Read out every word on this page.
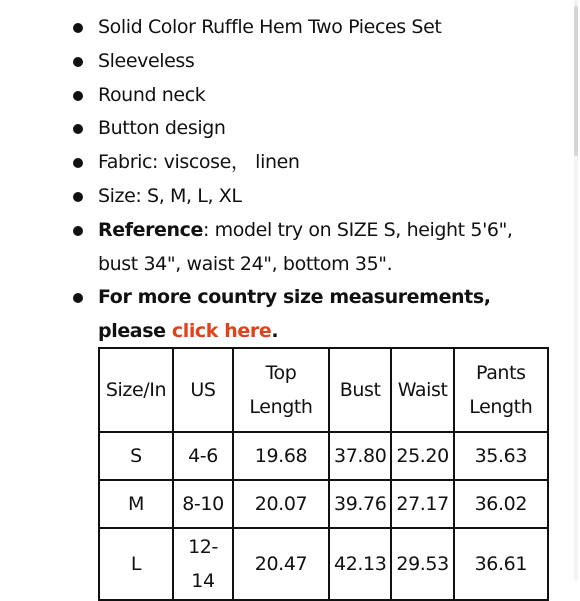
Solid Color Ruffle Hem Two Pieces Set
Sleeveless
Round neck
Button design
Fabric: viscose， linen
Size: S, M, L, XL
Reference: model try on SIZE S, height 5'6", bust 34", waist 24", bottom 35".
For more country size measurements, please click here.
Size/In	US	Top Length	Bust	Waist	Pants Length
S	4-6	19.68	37.80	25.20	35.63
M	8-10	20.07	39.76	27.17	36.02
L	12-14	20.47	42.13	29.53	36.61
